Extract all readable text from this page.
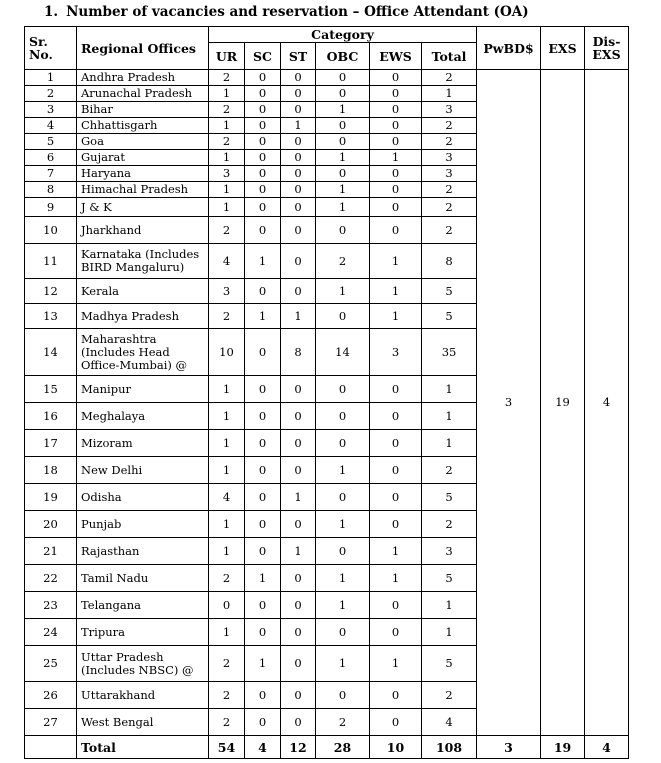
1. Number of vacancies and reservation – Office Attendant (OA)
Sr. No.	Regional Offices	Category						PwBD$	EXS	Dis-EXS
		UR	SC	ST	OBC	EWS	Total			
1	Andhra Pradesh	2	0	0	0	0	2	3	19	4
2	Arunachal Pradesh	1	0	0	0	0	1			
3	Bihar	2	0	0	1	0	3			
4	Chhattisgarh	1	0	1	0	0	2			
5	Goa	2	0	0	0	0	2			
6	Gujarat	1	0	0	1	1	3			
7	Haryana	3	0	0	0	0	3			
8	Himachal Pradesh	1	0	0	1	0	2			
9	J & K	1	0	0	1	0	2			
10	Jharkhand	2	0	0	0	0	2			
11	Karnataka (Includes BIRD Mangaluru)	4	1	0	2	1	8			
12	Kerala	3	0	0	1	1	5			
13	Madhya Pradesh	2	1	1	0	1	5			
14	Maharashtra (Includes Head Office-Mumbai) @	10	0	8	14	3	35			
15	Manipur	1	0	0	0	0	1			
16	Meghalaya	1	0	0	0	0	1			
17	Mizoram	1	0	0	0	0	1			
18	New Delhi	1	0	0	1	0	2			
19	Odisha	4	0	1	0	0	5			
20	Punjab	1	0	0	1	0	2			
21	Rajasthan	1	0	1	0	1	3			
22	Tamil Nadu	2	1	0	1	1	5			
23	Telangana	0	0	0	1	0	1			
24	Tripura	1	0	0	0	0	1			
25	Uttar Pradesh (Includes NBSC) @	2	1	0	1	1	5			
26	Uttarakhand	2	0	0	0	0	2			
27	West Bengal	2	0	0	2	0	4			
	Total	54	4	12	28	10	108	3	19	4
